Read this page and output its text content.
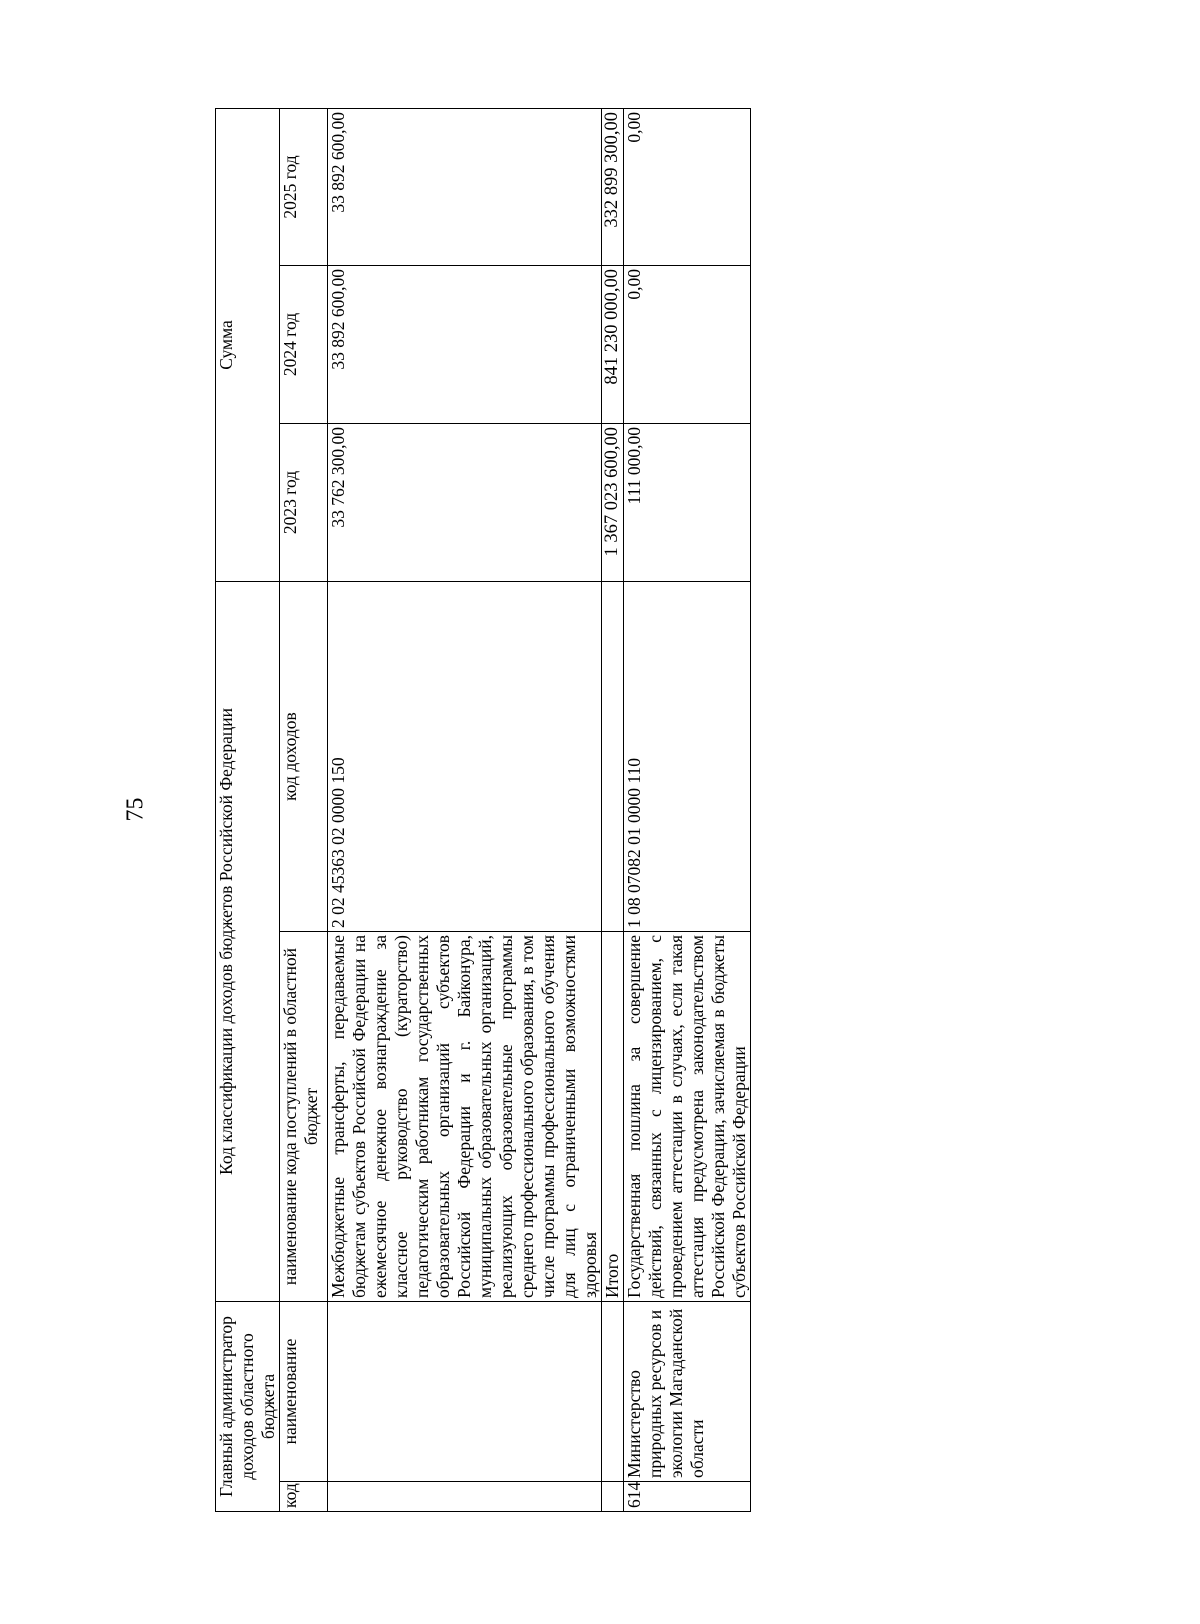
75
Главный администратор доходов областного бюджета		Код классификации доходов бюджетов Российской Федерации		Сумма		
код	наименование	наименование кода поступлений в областной бюджет	код доходов	2023 год	2024 год	2025 год
		Межбюджетные трансферты, передаваемые бюджетам субъектов Российской Федерации на ежемесячное денежное вознаграждение за классное руководство (кураторство) педагогическим работникам государственных образовательных организаций субъектов Российской Федерации и г. Байконура, муниципальных образовательных организаций, реализующих образовательные программы среднего профессионального образования, в том числе программы профессионального обучения для лиц с ограниченными возможностями здоровья	2 02 45363 02 0000 150	33 762 300,00	33 892 600,00	33 892 600,00
		Итого		1 367 023 600,00	841 230 000,00	332 899 300,00
614	Министерство природных ресурсов и экологии Магаданской области	Государственная пошлина за совершение действий, связанных с лицензированием, с проведением аттестации в случаях, если такая аттестация предусмотрена законодательством Российской Федерации, зачисляемая в бюджеты субъектов Российской Федерации	1 08 07082 01 0000 110	111 000,00	0,00	0,00
